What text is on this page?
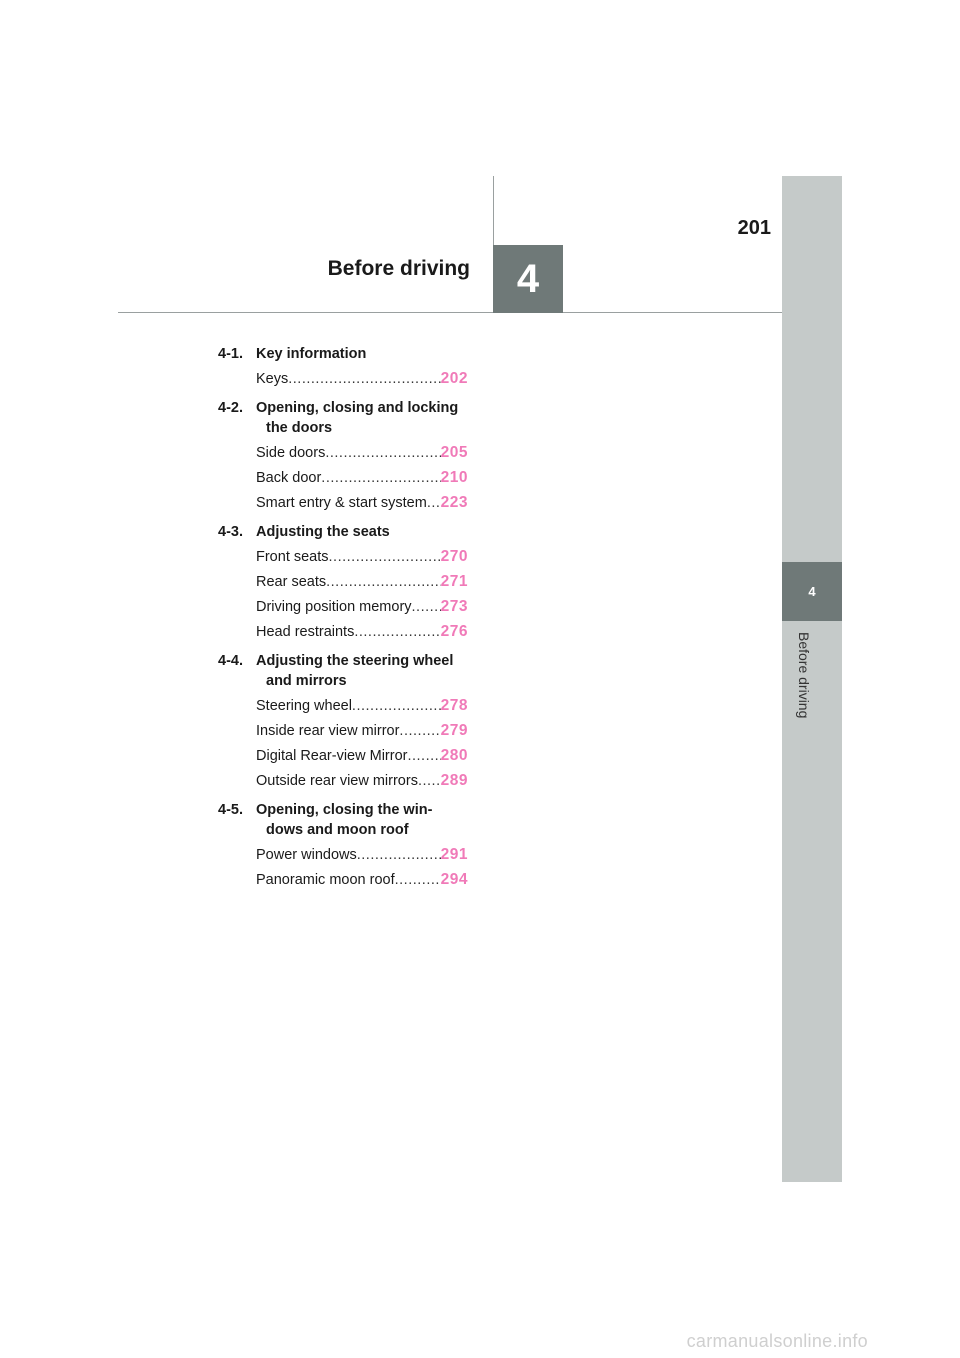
4
Before driving
4
Before driving
201
4-1. Key information
Keys .....	202
4-2. Opening, closing and locking
the doors
Side doors .....	205
Back door .....	210
Smart entry & start system ..... 223
4-3. Adjusting the seats
Front seats .....	270
Rear seats .....	271
Driving position memory ..... 273
Head restraints .....	276
4-4. Adjusting the steering wheel
and mirrors
Steering wheel .....	278
Inside rear view mirror .....	279
Digital Rear-view Mirror ..... 280
Outside rear view mirrors ..... 289
4-5. Opening, closing the win-
dows and moon roof
Power windows .....	291
Panoramic moon roof .....	294
carmanualsonline.info
